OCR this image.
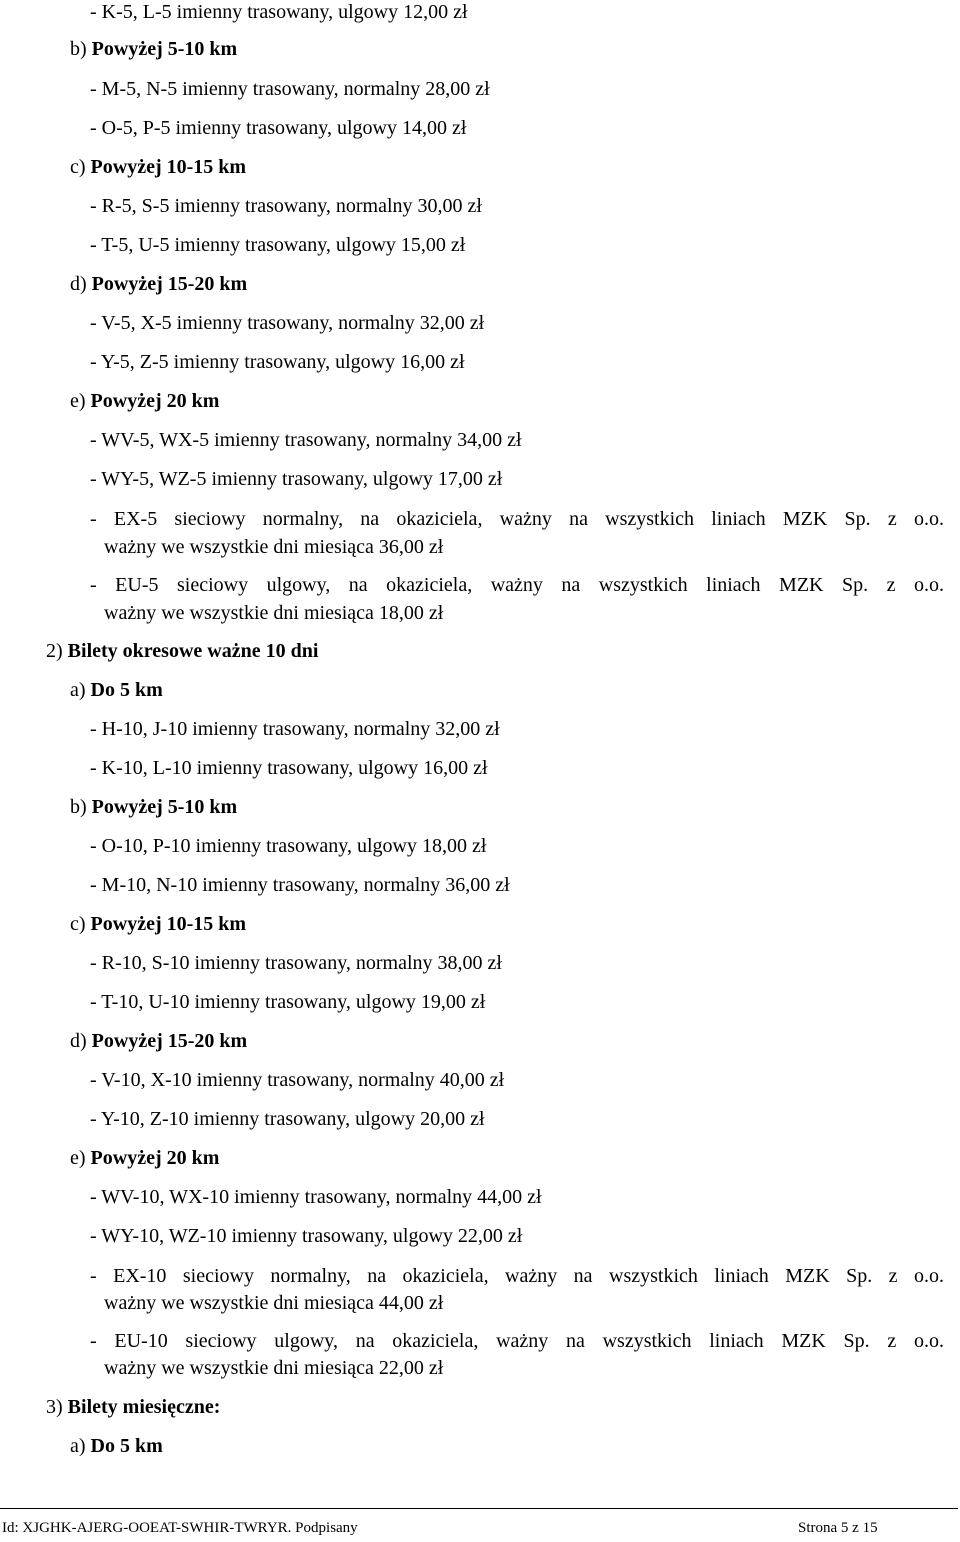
- K-5, L-5 imienny trasowany, ulgowy 12,00 zł
b) Powyżej 5-10 km
- M-5, N-5 imienny trasowany, normalny 28,00 zł
- O-5, P-5 imienny trasowany, ulgowy 14,00 zł
c) Powyżej 10-15 km
- R-5, S-5 imienny trasowany, normalny 30,00 zł
- T-5, U-5 imienny trasowany, ulgowy 15,00 zł
d) Powyżej 15-20 km
- V-5, X-5 imienny trasowany, normalny 32,00 zł
- Y-5, Z-5 imienny trasowany, ulgowy 16,00 zł
e) Powyżej 20 km
- WV-5, WX-5 imienny trasowany, normalny 34,00 zł
- WY-5, WZ-5 imienny trasowany, ulgowy 17,00 zł
- EX-5 sieciowy normalny, na okaziciela, ważny na wszystkich liniach MZK Sp. z o.o.
ważny we wszystkie dni miesiąca 36,00 zł
- EU-5 sieciowy ulgowy, na okaziciela, ważny na wszystkich liniach MZK Sp. z o.o.
ważny we wszystkie dni miesiąca 18,00 zł
2) Bilety okresowe ważne 10 dni
a) Do 5 km
- H-10, J-10 imienny trasowany, normalny 32,00 zł
- K-10, L-10 imienny trasowany, ulgowy 16,00 zł
b) Powyżej 5-10 km
- O-10, P-10 imienny trasowany, ulgowy 18,00 zł
- M-10, N-10 imienny trasowany, normalny 36,00 zł
c) Powyżej 10-15 km
- R-10, S-10 imienny trasowany, normalny 38,00 zł
- T-10, U-10 imienny trasowany, ulgowy 19,00 zł
d) Powyżej 15-20 km
- V-10, X-10 imienny trasowany, normalny 40,00 zł
- Y-10, Z-10 imienny trasowany, ulgowy 20,00 zł
e) Powyżej 20 km
- WV-10, WX-10 imienny trasowany, normalny 44,00 zł
- WY-10, WZ-10 imienny trasowany, ulgowy 22,00 zł
- EX-10 sieciowy normalny, na okaziciela, ważny na wszystkich liniach MZK Sp. z o.o.
ważny we wszystkie dni miesiąca 44,00 zł
- EU-10 sieciowy ulgowy, na okaziciela, ważny na wszystkich liniach MZK Sp. z o.o.
ważny we wszystkie dni miesiąca 22,00 zł
3) Bilety miesięczne:
a) Do 5 km
Id: XJGHK-AJERG-OOEAT-SWHIR-TWRYR. Podpisany	Strona 5 z 15
